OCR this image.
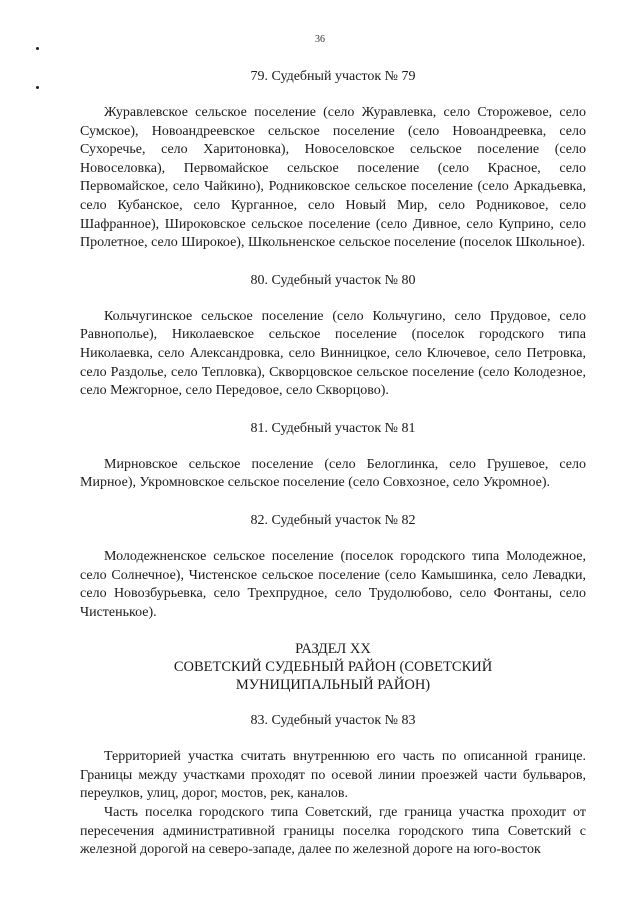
36

79. Судебный участок № 79

Журавлевское сельское поселение (село Журавлевка, село Сторожевое, село Сумское), Новоандреевское сельское поселение (село Новоандреевка, село Сухоречье, село Харитоновка), Новоселовское сельское поселение (село Новоселовка), Первомайское сельское поселение (село Красное, село Первомайское, село Чайкино), Родниковское сельское поселение (село Аркадьевка, село Кубанское, село Курганное, село Новый Мир, село Родниковое, село Шафранное), Широковское сельское поселение (село Дивное, село Куприно, село Пролетное, село Широкое), Школьненское сельское поселение (поселок Школьное).

80. Судебный участок № 80

Кольчугинское сельское поселение (село Кольчугино, село Прудовое, село Равнополье), Николаевское сельское поселение (поселок городского типа Николаевка, село Александровка, село Винницкое, село Ключевое, село Петровка, село Раздолье, село Тепловка), Скворцовское сельское поселение (село Колодезное, село Межгорное, село Передовое, село Скворцово).

81. Судебный участок № 81

Мирновское сельское поселение (село Белоглинка, село Грушевое, село Мирное), Укромновское сельское поселение (село Совхозное, село Укромное).

82. Судебный участок № 82

Молодежненское сельское поселение (поселок городского типа Молодежное, село Солнечное), Чистенское сельское поселение (село Камышинка, село Левадки, село Новозбурьевка, село Трехпрудное, село Трудолюбово, село Фонтаны, село Чистенькое).

РАЗДЕЛ XX

СОВЕТСКИЙ СУДЕБНЫЙ РАЙОН (СОВЕТСКИЙ

МУНИЦИПАЛЬНЫЙ РАЙОН)

83. Судебный участок № 83

Территорией участка считать внутреннюю его часть по описанной границе. Границы между участками проходят по осевой линии проезжей части бульваров, переулков, улиц, дорог, мостов, рек, каналов.

Часть поселка городского типа Советский, где граница участка проходит от пересечения административной границы поселка городского типа Советский с железной дорогой на северо-западе, далее по железной дороге на юго-восток
